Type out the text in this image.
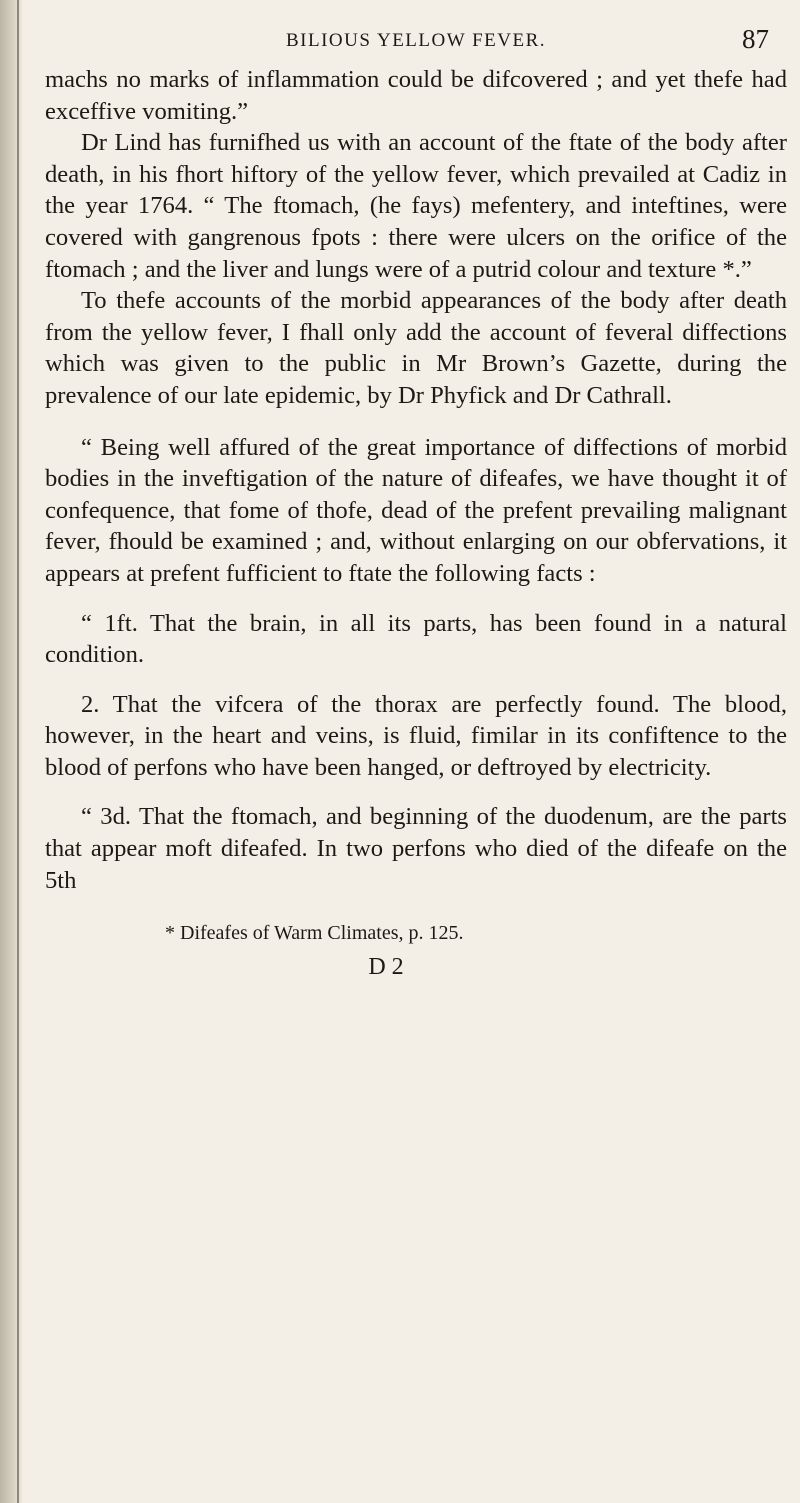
BILIOUS YELLOW FEVER.	87

machs no marks of inflammation could be difcovered ; and yet thefe had exceffive vomiting.”

Dr Lind has furnifhed us with an account of the ftate of the body after death, in his fhort hiftory of the yellow fever, which prevailed at Cadiz in the year 1764. “ The ftomach, (he fays) mefentery, and inteftines, were covered with gangrenous fpots : there were ulcers on the orifice of the ftomach ; and the liver and lungs were of a putrid colour and texture *.”

To thefe accounts of the morbid appearances of the body after death from the yellow fever, I fhall only add the account of feveral diffections which was given to the public in Mr Brown’s Gazette, during the prevalence of our late epidemic, by Dr Phyfick and Dr Cathrall.

“ Being well affured of the great importance of diffections of morbid bodies in the inveftigation of the nature of difeafes, we have thought it of confequence, that fome of thofe, dead of the prefent prevailing malignant fever, fhould be examined ; and, without enlarging on our obfervations, it appears at prefent fufficient to ftate the following facts :

“ 1ft. That the brain, in all its parts, has been found in a natural condition.

2. That the vifcera of the thorax are perfectly found. The blood, however, in the heart and veins, is fluid, fimilar in its confiftence to the blood of perfons who have been hanged, or deftroyed by electricity.

“ 3d. That the ftomach, and beginning of the duodenum, are the parts that appear moft difeafed. In two perfons who died of the difeafe on the 5th

* Difeafes of Warm Climates, p. 125.
D 2
